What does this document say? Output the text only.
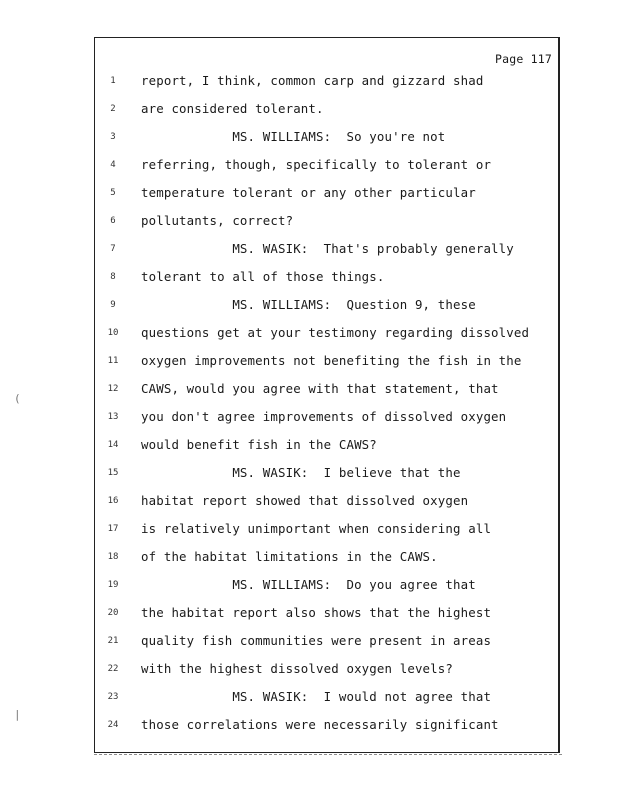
Page 117
1	report, I think, common carp and gizzard shad
2	are considered tolerant.
3	MS. WILLIAMS:  So you're not
4	referring, though, specifically to tolerant or
5	temperature tolerant or any other particular
6	pollutants, correct?
7	MS. WASIK:  That's probably generally
8	tolerant to all of those things.
9	MS. WILLIAMS:  Question 9, these
10	questions get at your testimony regarding dissolved
11	oxygen improvements not benefiting the fish in the
12	CAWS, would you agree with that statement, that
13	you don't agree improvements of dissolved oxygen
14	would benefit fish in the CAWS?
15	MS. WASIK:  I believe that the
16	habitat report showed that dissolved oxygen
17	is relatively unimportant when considering all
18	of the habitat limitations in the CAWS.
19	MS. WILLIAMS:  Do you agree that
20	the habitat report also shows that the highest
21	quality fish communities were present in areas
22	with the highest dissolved oxygen levels?
23	MS. WASIK:  I would not agree that
24	those correlations were necessarily significant
(
|
